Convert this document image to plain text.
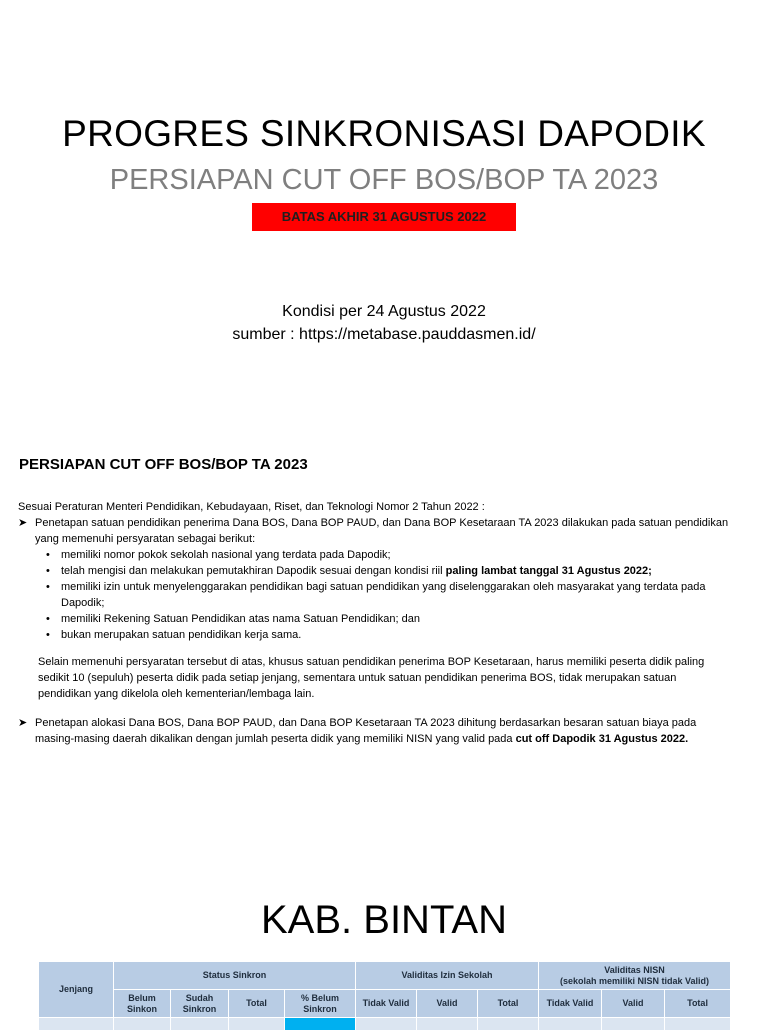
PROGRES SINKRONISASI DAPODIK
PERSIAPAN CUT OFF BOS/BOP TA 2023
BATAS AKHIR 31 AGUSTUS 2022
Kondisi per 24 Agustus 2022
sumber : https://metabase.pauddasmen.id/
PERSIAPAN CUT OFF BOS/BOP TA 2023

Sesuai Peraturan Menteri Pendidikan, Kebudayaan, Riset, dan Teknologi Nomor 2 Tahun 2022 :

➤ Penetapan satuan pendidikan penerima Dana BOS, Dana BOP PAUD, dan Dana BOP Kesetaraan TA 2023 dilakukan pada satuan pendidikan yang memenuhi persyaratan sebagai berikut:
• memiliki nomor pokok sekolah nasional yang terdata pada Dapodik;
• telah mengisi dan melakukan pemutakhiran Dapodik sesuai dengan kondisi riil paling lambat tanggal 31 Agustus 2022;
• memiliki izin untuk menyelenggarakan pendidikan bagi satuan pendidikan yang diselenggarakan oleh masyarakat yang terdata pada Dapodik;
• memiliki Rekening Satuan Pendidikan atas nama Satuan Pendidikan; dan
• bukan merupakan satuan pendidikan kerja sama.

Selain memenuhi persyaratan tersebut di atas, khusus satuan pendidikan penerima BOP Kesetaraan, harus memiliki peserta didik paling sedikit 10 (sepuluh) peserta didik pada setiap jenjang, sementara untuk satuan pendidikan penerima BOS, tidak merupakan satuan pendidikan yang dikelola oleh kementerian/lembaga lain.

➤ Penetapan alokasi Dana BOS, Dana BOP PAUD, dan Dana BOP Kesetaraan TA 2023 dihitung berdasarkan besaran satuan biaya pada masing-masing daerah dikalikan dengan jumlah peserta didik yang memiliki NISN yang valid pada cut off Dapodik 31 Agustus 2022.
KAB. BINTAN
Jenjang	Status Sinkron				Validitas Izin Sekolah			Validitas NISN
(sekolah memiliki NISN tidak Valid)		

	Belum Sinkon	Sudah Sinkron	Total	% Belum Sinkron	Tidak Valid	Valid	Total	Tidak Valid	Valid	Total
